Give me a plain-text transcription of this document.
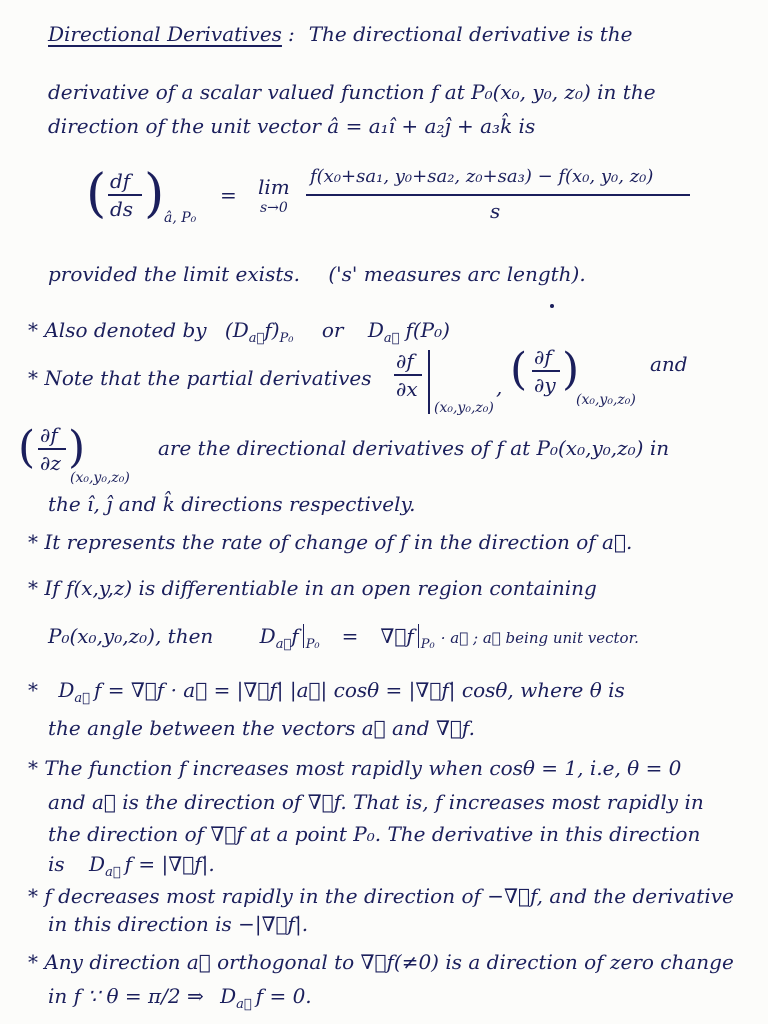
Directional Derivatives : The directional derivative is the
derivative of a scalar valued function f at P₀(x₀, y₀, z₀) in the
direction of the unit vector â = a₁î + a₂ĵ + a₃k̂ is
( df
ds ) â, P₀
= lim
s→0
f(x₀+sa₁, y₀+sa₂, z₀+sa₃) − f(x₀, y₀, z₀)
s
provided the limit exists. ('s' measures arc length).
* Also denoted by $(D_{a⃗}f)_{P_0}$ or $D_{a⃗}$ f(P₀)
* Note that the partial derivatives
∂f
∂x
(x₀,y₀,z₀)
, ( ∂f
∂y )
(x₀,y₀,z₀)
and
( ∂f
∂z )
(x₀,y₀,z₀)
are the directional derivatives of f at P₀(x₀,y₀,z₀) in
the î, ĵ and k̂ directions respectively.
* It represents the rate of change of f in the direction of a⃗.
* If f(x,y,z) is differentiable in an open region containing
P₀(x₀,y₀,z₀), then $D_{a⃗}f$ $_{P_0}$ = ∇⃗f $_{P_0}$ · a⃗ ; a⃗ being unit vector.
* $D_{a⃗}$ f = ∇⃗f · a⃗ = |∇⃗f| |a⃗| cosθ = |∇⃗f| cosθ, where θ is
the angle between the vectors a⃗ and ∇⃗f.
* The function f increases most rapidly when cosθ = 1, i.e, θ = 0
and a⃗ is the direction of ∇⃗f. That is, f increases most rapidly in
the direction of ∇⃗f at a point P₀. The derivative in this direction
is $D_{a⃗}$ f = |∇⃗f|.
* f decreases most rapidly in the direction of −∇⃗f, and the derivative
in this direction is −|∇⃗f|.
* Any direction a⃗ orthogonal to ∇⃗f(≠0) is a direction of zero change
in f ∵ θ = π/2 ⇒ $D_{a⃗}$ f = 0.
